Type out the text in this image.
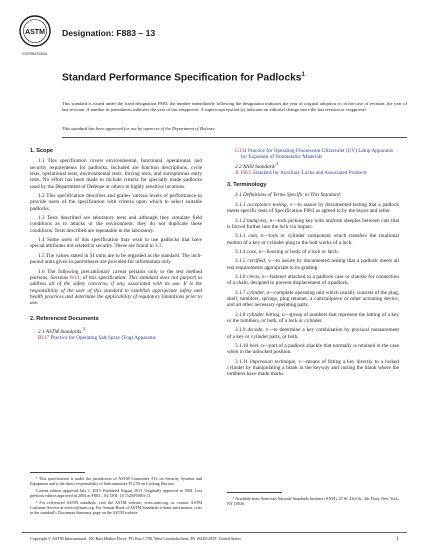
ASTM
INTERNATIONAL
Designation: F883 – 13
Standard Performance Specification for Padlocks$^1$
This standard is issued under the fixed designation F883; the number immediately following the designation indicates the year of original adoption or, in the case of revision, the year of last revision. A number in parentheses indicates the year of last reapproval. A superscript epsilon (ε) indicates an editorial change since the last revision or reapproval.
This standard has been approved for use by agencies of the Department of Defense.
1. Scope

1.1 This specification covers environmental, functional, operational, and security requirements for padlocks. Included are function descriptions, cycle tests, operational tests, environmental tests, forcing tests, and surreptitious entry tests. No effort has been made to include criteria for specially made padlocks used by the Department of Defense or others in highly sensitive locations.

1.2 This specification describes and grades various levels of performance to provide users of the specification with criteria upon which to select suitable padlocks.

1.3 Tests described are laboratory tests and although they simulate field conditions as to attacks or the environment, they do not duplicate these conditions. Tests described are repeatable in the laboratory.

1.4 Some users of this specification may wish to use padlocks that have special attributes not related to security. These are found in 4.3.

1.5 The values stated in SI units are to be regarded as the standard. The inch-pound units given in parentheses are provided for information only.

1.6 The following precautionary caveat pertains only to the test method portions, Sections 8-11, of this specification: This standard does not purport to address all of the safety concerns, if any, associated with its use. It is the responsibility of the user of this standard to establish appropriate safety and health practices and determine the applicability of regulatory limitations prior to use.

2. Referenced Documents

2.1 ASTM Standards:$^2$

B117 Practice for Operating Salt Spray (Fog) Apparatus

G154 Practice for Operating Fluorescent Ultraviolet (UV) Lamp Apparatus for Exposure of Nonmetallic Materials

2.2 ANSI Standard:$^3$

A 156.5 Standard for Auxiliary Locks and Associated Products

3. Terminology

3.1 Definitions of Terms Specific to This Standard:

3.1.1 acceptance testing, v—to assure by documented testing that a padlock meets specific tests of Specification F883 as agreed to by the buyer and seller.

3.1.2 bump key, n—lock picking key with uniform steeples between cuts that is forced further into the lock via impact.

3.1.3 cam, n—lock or cylinder component which transfers the rotational motion of a key or cylinder plug to the bolt works of a lock.

3.1.4 case, n—housing or body of a lock or latch.

3.1.5 certified, v—to assure by documented testing that a padlock meets all test requirements appropriate to its grading.

3.1.6 clevis, n—fastener attached to a padlock case or shackle for connection of a chain, designed to prevent displacement of a padlock.

3.1.7 cylinder, n—complete operating unit which usually consists of the plug, shell, tumblers, springs, plug retainer, a cam/tailpiece or other actuating device, and all other necessary operating parts.

3.1.8 cylinder bitting, n—group of numbers that represent the bitting of a key or the tumblers, or both, of a lock or cylinder.

3.1.9 decode, v—to determine a key combination by physical measurement of a key or cylinder parts, or both.

3.1.10 heel, n—part of a padlock shackle that normally is retained in the case when in the unlocked position.

3.1.11 impression technique, v—means of fitting a key directly to a locked cylinder by manipulating a blank in the keyway and cutting the blank where the tumblers have made marks.

¹ This specification is under the jurisdiction of ASTM Committee F12 on Security Systems and Equipment and is the direct responsibility of Subcommittee F12.50 on Locking Devices.

Current edition approved July 1, 2013. Published August 2013. Originally approved in 1984. Last previous edition approved in 2004 as F883 – 04. DOI: 10.1520/F0883-13.

² For referenced ASTM standards, visit the ASTM website, www.astm.org, or contact ASTM Customer Service at service@astm.org. For Annual Book of ASTM Standards volume information, refer to the standard’s Document Summary page on the ASTM website.

³ Available from American National Standards Institute (ANSI), 25 W. 43rd St., 4th Floor, New York, NY 10036.

Copyright © ASTM International, 100 Barr Harbor Drive, PO Box C700, West Conshohocken, PA 19428-2959. United States	1
